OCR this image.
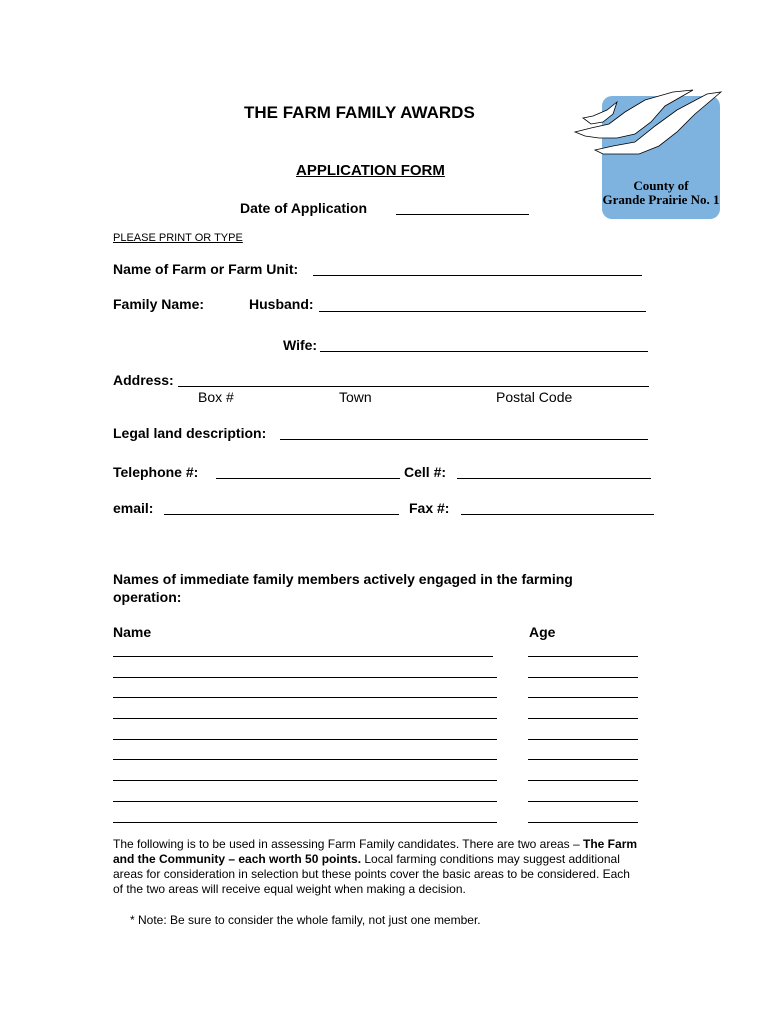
THE FARM FAMILY AWARDS
APPLICATION FORM
Date of Application
PLEASE PRINT OR TYPE
County of
Grande Prairie No. 1
Name of Farm or Farm Unit:
Family Name:	Husband:
Wife:
Address:
Box #	Town	Postal Code
Legal land description:
Telephone #:	Cell #:
email:	Fax #:
Names of immediate family members actively engaged in the farming
operation:
Name	Age
The following is to be used in assessing Farm Family candidates. There are two areas – The Farm and the Community – each worth 50 points. Local farming conditions may suggest additional areas for consideration in selection but these points cover the basic areas to be considered. Each of the two areas will receive equal weight when making a decision.
* Note: Be sure to consider the whole family, not just one member.
